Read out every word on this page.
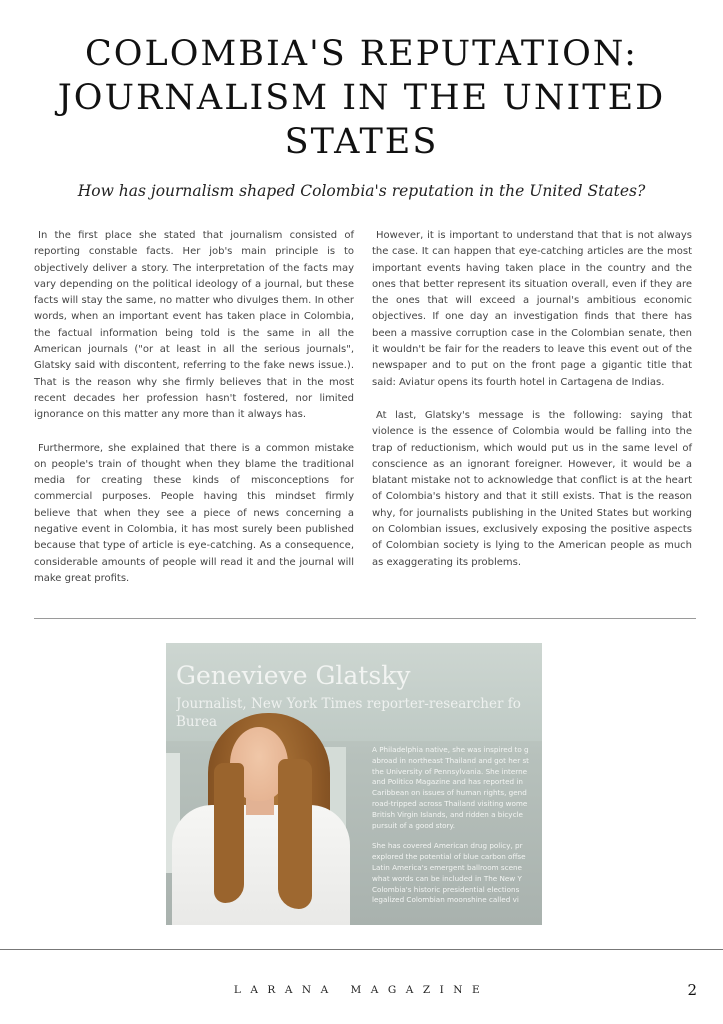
COLOMBIA'S REPUTATION: JOURNALISM IN THE UNITED STATES
How has journalism shaped Colombia's reputation in the United States?

In the first place she stated that journalism consisted of reporting constable facts. Her job's main principle is to objectively deliver a story. The interpretation of the facts may vary depending on the political ideology of a journal, but these facts will stay the same, no matter who divulges them. In other words, when an important event has taken place in Colombia, the factual information being told is the same in all the American journals ("or at least in all the serious journals", Glatsky said with discontent, referring to the fake news issue.). That is the reason why she firmly believes that in the most recent decades her profession hasn't fostered, nor limited ignorance on this matter any more than it always has.

Furthermore, she explained that there is a common mistake on people's train of thought when they blame the traditional media for creating these kinds of misconceptions for commercial purposes. People having this mindset firmly believe that when they see a piece of news concerning a negative event in Colombia, it has most surely been published because that type of article is eye-catching. As a consequence, considerable amounts of people will read it and the journal will make great profits.

However, it is important to understand that that is not always the case. It can happen that eye-catching articles are the most important events having taken place in the country and the ones that better represent its situation overall, even if they are the ones that will exceed a journal's ambitious economic objectives. If one day an investigation finds that there has been a massive corruption case in the Colombian senate, then it wouldn't be fair for the readers to leave this event out of the newspaper and to put on the front page a gigantic title that said: Aviatur opens its fourth hotel in Cartagena de Indias.

At last, Glatsky's message is the following: saying that violence is the essence of Colombia would be falling into the trap of reductionism, which would put us in the same level of conscience as an ignorant foreigner. However, it would be a blatant mistake not to acknowledge that conflict is at the heart of Colombia's history and that it still exists. That is the reason why, for journalists publishing in the United States but working on Colombian issues, exclusively exposing the positive aspects of Colombian society is lying to the American people as much as exaggerating its problems.

Genevieve Glatsky
Journalist, New York Times reporter-researcher fo
Burea
A Philadelphia native, she was inspired to g
abroad in northeast Thailand and got her st
the University of Pennsylvania. She interne
and Politico Magazine and has reported in
Caribbean on issues of human rights, gend
road-tripped across Thailand visiting wome
British Virgin Islands, and ridden a bicycle
pursuit of a good story.
She has covered American drug policy, pr
explored the potential of blue carbon offse
Latin America's emergent ballroom scene
what words can be included in The New Y
Colombia's historic presidential elections
legalized Colombian moonshine called vi

LARANA MAGAZINE	2
